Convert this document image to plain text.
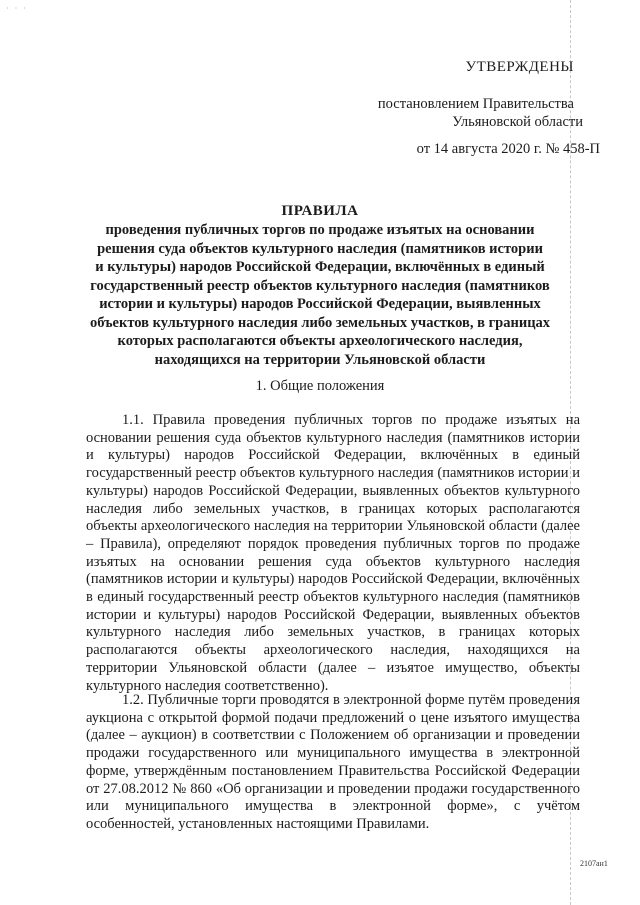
· · ·
УТВЕРЖДЕНЫ
постановлением Правительства
Ульяновской области
от 14 августа 2020 г. № 458-П
ПРАВИЛА
проведения публичных торгов по продаже изъятых на основании
решения суда объектов культурного наследия (памятников истории
и культуры) народов Российской Федерации, включённых в единый
государственный реестр объектов культурного наследия (памятников
истории и культуры) народов Российской Федерации, выявленных
объектов культурного наследия либо земельных участков, в границах
которых располагаются объекты археологического наследия,
находящихся на территории Ульяновской области
1. Общие положения

1.1. Правила проведения публичных торгов по продаже изъятых на основании решения суда объектов культурного наследия (памятников истории и культуры) народов Российской Федерации, включённых в единый государственный реестр объектов культурного наследия (памятников истории и культуры) народов Российской Федерации, выявленных объектов культурного наследия либо земельных участков, в границах которых располагаются объекты археологического наследия на территории Ульяновской области (далее – Правила), определяют порядок проведения публичных торгов по продаже изъятых на основании решения суда объектов культурного наследия (памятников истории и культуры) народов Российской Федерации, включённых в единый государственный реестр объектов культурного наследия (памятников истории и культуры) народов Российской Федерации, выявленных объектов культурного наследия либо земельных участков, в границах которых располагаются объекты археологического наследия, находящихся на территории Ульяновской области (далее – изъятое имущество, объекты культурного наследия соответственно).

1.2. Публичные торги проводятся в электронной форме путём проведения аукциона с открытой формой подачи предложений о цене изъятого имущества (далее – аукцион) в соответствии с Положением об организации и проведении продажи государственного или муниципального имущества в электронной форме, утверждённым постановлением Правительства Российской Федерации от 27.08.2012 № 860 «Об организации и проведении продажи государственного или муниципального имущества в электронной форме», с учётом особенностей, установленных настоящими Правилами.

2107ан1
